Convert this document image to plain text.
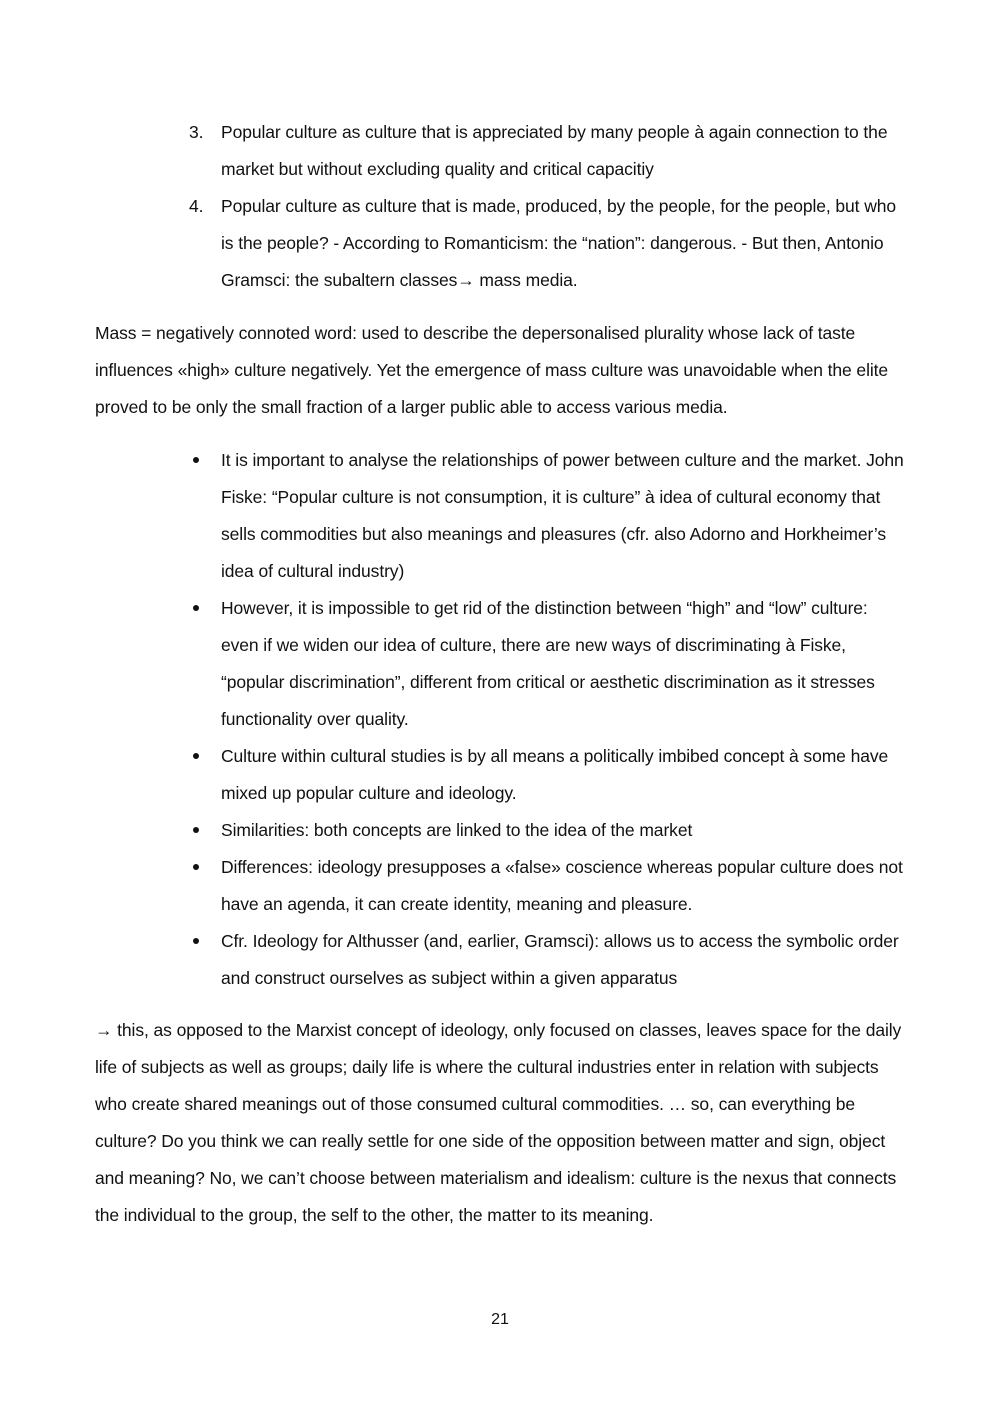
3. Popular culture as culture that is appreciated by many people à again connection to the market but without excluding quality and critical capacitiy
4. Popular culture as culture that is made, produced, by the people, for the people, but who is the people? - According to Romanticism: the “nation”: dangerous. - But then, Antonio Gramsci: the subaltern classes→ mass media.

Mass = negatively connoted word: used to describe the depersonalised plurality whose lack of taste influences «high» culture negatively. Yet the emergence of mass culture was unavoidable when the elite proved to be only the small fraction of a larger public able to access various media.

It is important to analyse the relationships of power between culture and the market. John Fiske: “Popular culture is not consumption, it is culture” à idea of cultural economy that sells commodities but also meanings and pleasures (cfr. also Adorno and Horkheimer’s idea of cultural industry)
However, it is impossible to get rid of the distinction between “high” and “low” culture: even if we widen our idea of culture, there are new ways of discriminating à Fiske, “popular discrimination”, different from critical or aesthetic discrimination as it stresses functionality over quality.
Culture within cultural studies is by all means a politically imbibed concept à some have mixed up popular culture and ideology.
Similarities: both concepts are linked to the idea of the market
Differences: ideology presupposes a «false» coscience whereas popular culture does not have an agenda, it can create identity, meaning and pleasure.
Cfr. Ideology for Althusser (and, earlier, Gramsci): allows us to access the symbolic order and construct ourselves as subject within a given apparatus

→ this, as opposed to the Marxist concept of ideology, only focused on classes, leaves space for the daily life of subjects as well as groups; daily life is where the cultural industries enter in relation with subjects who create shared meanings out of those consumed cultural commodities. … so, can everything be culture? Do you think we can really settle for one side of the opposition between matter and sign, object and meaning? No, we can’t choose between materialism and idealism: culture is the nexus that connects the individual to the group, the self to the other, the matter to its meaning.

21
